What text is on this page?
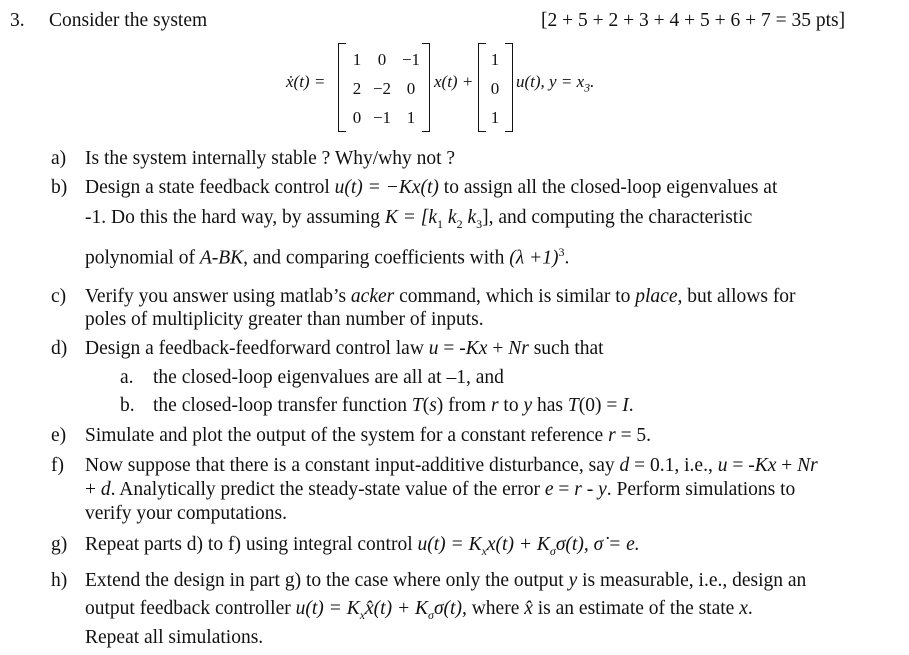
3. Consider the system	[2 + 5 + 2 + 3 + 4 + 5 + 6 + 7 = 35 pts]
ẋ(t) =
1 0 −1
2 −2 0
0 −1 1
x(t) +
1
0
1
u(t), $y = x_3$.
a) Is the system internally stable ? Why/why not ?
b) Design a state feedback control u(t) = −Kx(t) to assign all the closed-loop eigenvalues at
-1. Do this the hard way, by assuming $K = [k_1$ $k_2$ $k_3$], and computing the characteristic
polynomial of A-BK, and comparing coefficients with $(\lambda +1)^3$.
c) Verify you answer using matlab’s acker command, which is similar to place, but allows for
poles of multiplicity greater than number of inputs.
d) Design a feedback-feedforward control law u = -Kx + Nr such that
a. the closed-loop eigenvalues are all at –1, and
b. the closed-loop transfer function T(s) from r to y has T(0) = I.
e) Simulate and plot the output of the system for a constant reference r = 5.
f) Now suppose that there is a constant input-additive disturbance, say d = 0.1, i.e., u = -Kx + Nr
+ d. Analytically predict the steady-state value of the error e = r - y. Perform simulations to
verify your computations.
g) Repeat parts d) to f) using integral control $u(t) = K_xx(t) + K_\sigma\sigma(t)$, σ̇ = e.
h) Extend the design in part g) to the case where only the output y is measurable, i.e., design an
output feedback controller $u(t) = K_xx̂(t) + K_\sigma\sigma(t)$, where x̂ is an estimate of the state x.
Repeat all simulations.
